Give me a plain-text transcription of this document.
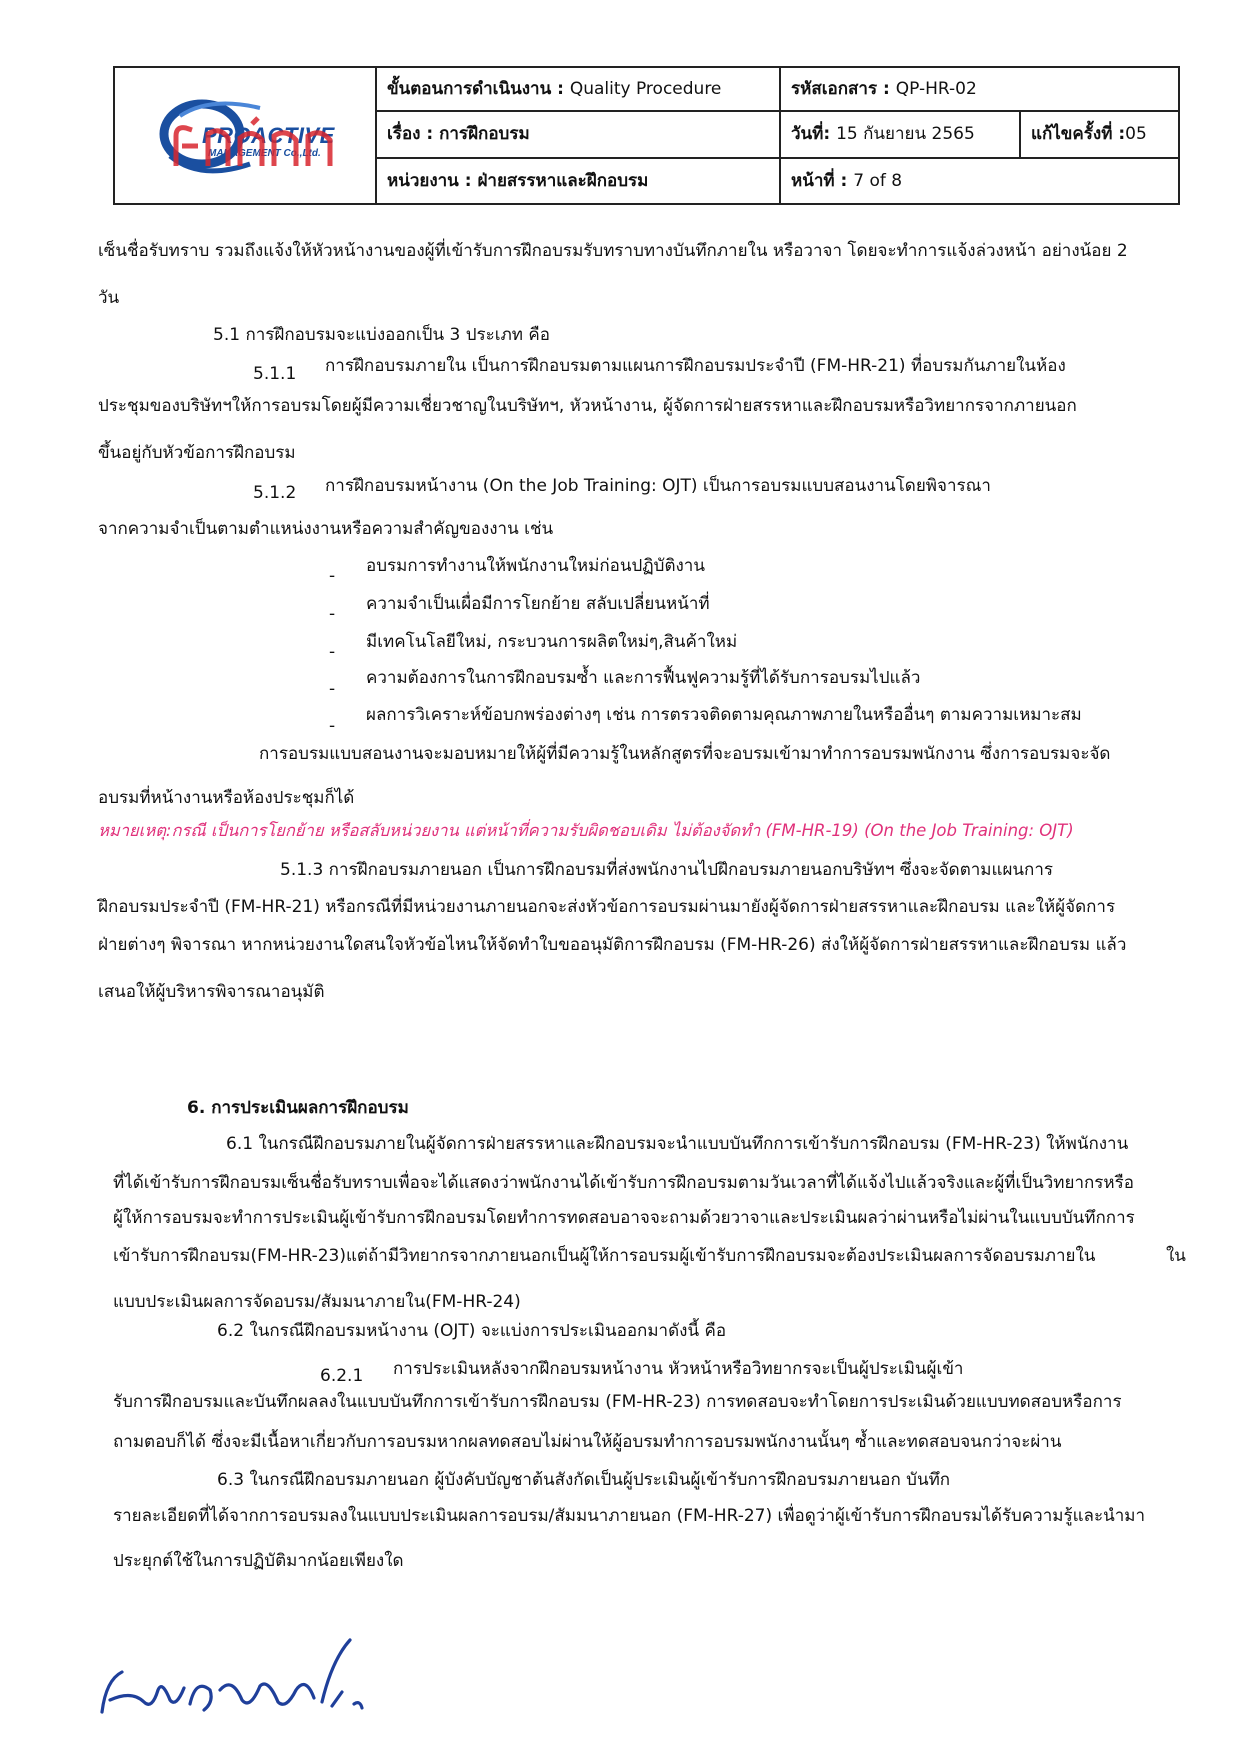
PROACTIVE
MANAGEMENT Co.,Ltd.	ขั้นตอนการดำเนินงาน : Quality Procedure	รหัสเอกสาร : QP-HR-02	
	เรื่อง : การฝึกอบรม	วันที่: 15 กันยายน 2565	แก้ไขครั้งที่ :05
	หน่วยงาน : ฝ่ายสรรหาและฝึกอบรม	หน้าที่ : 7 of 8	
เซ็นชื่อรับทราบ รวมถึงแจ้งให้หัวหน้างานของผู้ที่เข้ารับการฝึกอบรมรับทราบทางบันทึกภายใน หรือวาจา โดยจะทำการแจ้งล่วงหน้า อย่างน้อย 2
วัน
5.1 การฝึกอบรมจะแบ่งออกเป็น 3 ประเภท คือ
5.1.1 การฝึกอบรมภายใน เป็นการฝึกอบรมตามแผนการฝึกอบรมประจำปี (FM-HR-21) ที่อบรมกันภายในห้อง
ประชุมของบริษัทฯให้การอบรมโดยผู้มีความเชี่ยวชาญในบริษัทฯ, หัวหน้างาน, ผู้จัดการฝ่ายสรรหาและฝึกอบรมหรือวิทยากรจากภายนอก
ขึ้นอยู่กับหัวข้อการฝึกอบรม
5.1.2 การฝึกอบรมหน้างาน (On the Job Training: OJT) เป็นการอบรมแบบสอนงานโดยพิจารณา
จากความจำเป็นตามตำแหน่งงานหรือความสำคัญของงาน เช่น
- อบรมการทำงานให้พนักงานใหม่ก่อนปฏิบัติงาน
- ความจำเป็นเผื่อมีการโยกย้าย สลับเปลี่ยนหน้าที่
- มีเทคโนโลยีใหม่, กระบวนการผลิตใหม่ๆ,สินค้าใหม่
-
ความต้องการในการฝึกอบรมซ้ำ และการฟื้นฟูความรู้ที่ได้รับการอบรมไปแล้ว
-
ผลการวิเคราะห์ข้อบกพร่องต่างๆ เช่น การตรวจติดตามคุณภาพภายในหรืออื่นๆ ตามความเหมาะสม
การอบรมแบบสอนงานจะมอบหมายให้ผู้ที่มีความรู้ในหลักสูตรที่จะอบรมเข้ามาทำการอบรมพนักงาน ซึ่งการอบรมจะจัด
อบรมที่หน้างานหรือห้องประชุมก็ได้
หมายเหตุ:กรณี เป็นการโยกย้าย หรือสลับหน่วยงาน แต่หน้าที่ความรับผิดชอบเดิม ไม่ต้องจัดทำ (FM-HR-19) (On the Job Training: OJT)
5.1.3 การฝึกอบรมภายนอก เป็นการฝึกอบรมที่ส่งพนักงานไปฝึกอบรมภายนอกบริษัทฯ ซึ่งจะจัดตามแผนการ
ฝึกอบรมประจำปี (FM-HR-21) หรือกรณีที่มีหน่วยงานภายนอกจะส่งหัวข้อการอบรมผ่านมายังผู้จัดการฝ่ายสรรหาและฝึกอบรม และให้ผู้จัดการ
ฝ่ายต่างๆ พิจารณา หากหน่วยงานใดสนใจหัวข้อไหนให้จัดทำใบขออนุมัติการฝึกอบรม (FM-HR-26) ส่งให้ผู้จัดการฝ่ายสรรหาและฝึกอบรม แล้ว
เสนอให้ผู้บริหารพิจารณาอนุมัติ
6. การประเมินผลการฝึกอบรม
6.1 ในกรณีฝึกอบรมภายในผู้จัดการฝ่ายสรรหาและฝึกอบรมจะนำแบบบันทึกการเข้ารับการฝึกอบรม (FM-HR-23) ให้พนักงาน
ที่ได้เข้ารับการฝึกอบรมเซ็นชื่อรับทราบเพื่อจะได้แสดงว่าพนักงานได้เข้ารับการฝึกอบรมตามวันเวลาที่ได้แจ้งไปแล้วจริงและผู้ที่เป็นวิทยากรหรือ
ผู้ให้การอบรมจะทำการประเมินผู้เข้ารับการฝึกอบรมโดยทำการทดสอบอาจจะถามด้วยวาจาและประเมินผลว่าผ่านหรือไม่ผ่านในแบบบันทึกการ
เข้ารับการฝึกอบรม(FM-HR-23)แต่ถ้ามีวิทยากรจากภายนอกเป็นผู้ให้การอบรมผู้เข้ารับการฝึกอบรมจะต้องประเมินผลการจัดอบรมภายใน	ใน
แบบประเมินผลการจัดอบรม/สัมมนาภายใน(FM-HR-24)
6.2 ในกรณีฝึกอบรมหน้างาน (OJT) จะแบ่งการประเมินออกมาดังนี้ คือ
6.2.1 การประเมินหลังจากฝึกอบรมหน้างาน หัวหน้าหรือวิทยากรจะเป็นผู้ประเมินผู้เข้า
รับการฝึกอบรมและบันทึกผลลงในแบบบันทึกการเข้ารับการฝึกอบรม (FM-HR-23) การทดสอบจะทำโดยการประเมินด้วยแบบทดสอบหรือการ
ถามตอบก็ได้ ซึ่งจะมีเนื้อหาเกี่ยวกับการอบรมหากผลทดสอบไม่ผ่านให้ผู้อบรมทำการอบรมพนักงานนั้นๆ ซ้ำและทดสอบจนกว่าจะผ่าน
6.3 ในกรณีฝึกอบรมภายนอก ผู้บังคับบัญชาต้นสังกัดเป็นผู้ประเมินผู้เข้ารับการฝึกอบรมภายนอก บันทึก
รายละเอียดที่ได้จากการอบรมลงในแบบประเมินผลการอบรม/สัมมนาภายนอก (FM-HR-27) เพื่อดูว่าผู้เข้ารับการฝึกอบรมได้รับความรู้และนำมา
ประยุกต์ใช้ในการปฏิบัติมากน้อยเพียงใด
